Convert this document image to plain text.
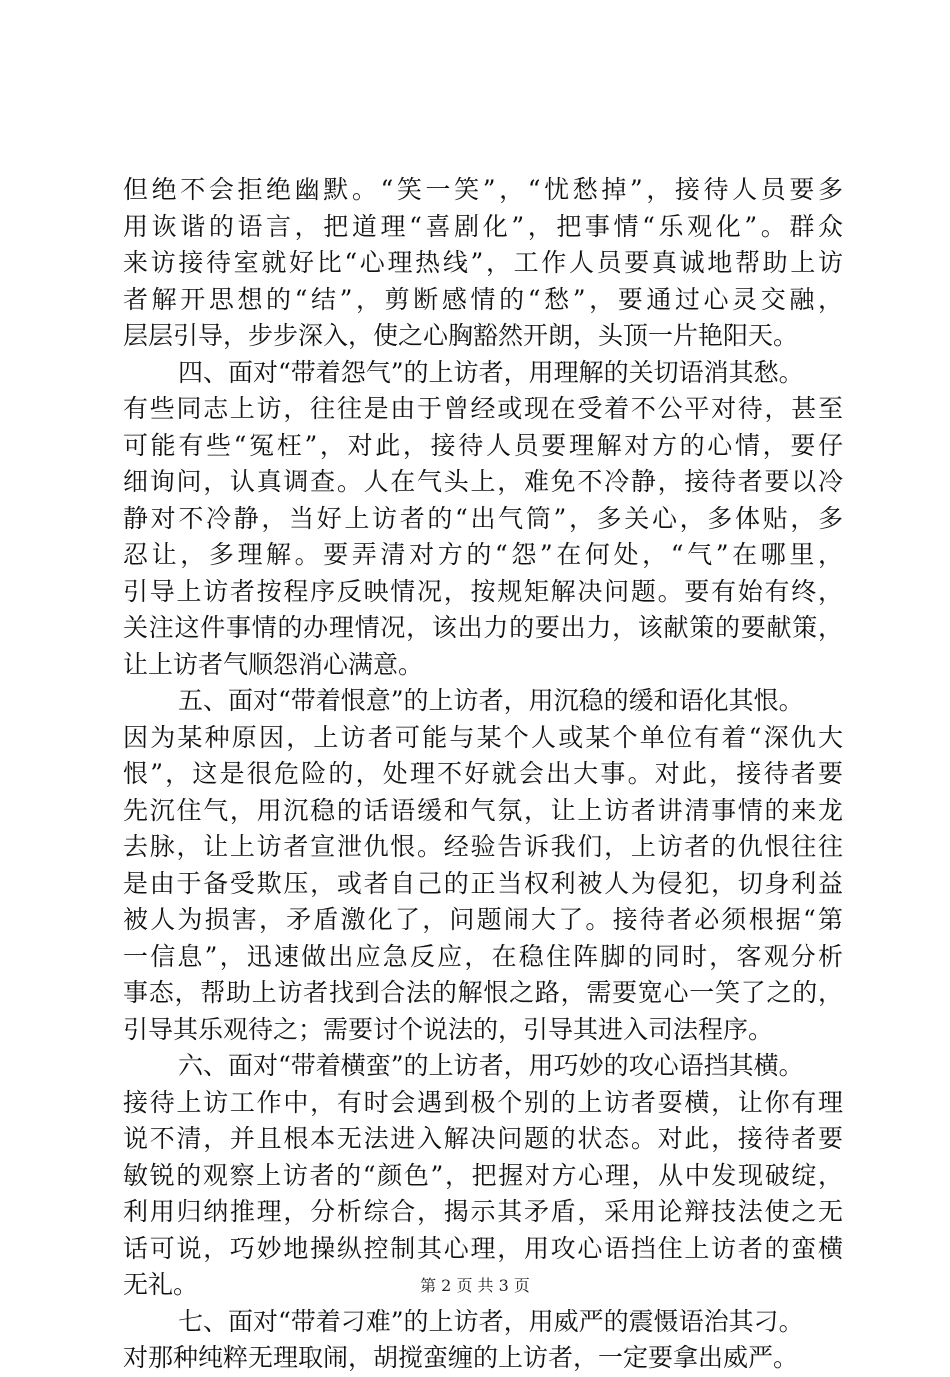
但绝不会拒绝幽默。“笑一笑”，“忧愁掉”，接待人员要多
用诙谐的语言，把道理“喜剧化”，把事情“乐观化”。群众
来访接待室就好比“心理热线”，工作人员要真诚地帮助上访
者解开思想的“结”，剪断感情的“愁”，要通过心灵交融，
层层引导，步步深入，使之心胸豁然开朗，头顶一片艳阳天。
四、面对“带着怨气”的上访者，用理解的关切语消其愁。
有些同志上访，往往是由于曾经或现在受着不公平对待，甚至
可能有些“冤枉”，对此，接待人员要理解对方的心情，要仔
细询问，认真调查。人在气头上，难免不冷静，接待者要以冷
静对不冷静，当好上访者的“出气筒”，多关心，多体贴，多
忍让，多理解。要弄清对方的“怨”在何处，“气”在哪里，
引导上访者按程序反映情况，按规矩解决问题。要有始有终，
关注这件事情的办理情况，该出力的要出力，该献策的要献策，
让上访者气顺怨消心满意。
五、面对“带着恨意”的上访者，用沉稳的缓和语化其恨。
因为某种原因，上访者可能与某个人或某个单位有着“深仇大
恨”，这是很危险的，处理不好就会出大事。对此，接待者要
先沉住气，用沉稳的话语缓和气氛，让上访者讲清事情的来龙
去脉，让上访者宣泄仇恨。经验告诉我们，上访者的仇恨往往
是由于备受欺压，或者自己的正当权利被人为侵犯，切身利益
被人为损害，矛盾激化了，问题闹大了。接待者必须根据“第
一信息”，迅速做出应急反应，在稳住阵脚的同时，客观分析
事态，帮助上访者找到合法的解恨之路，需要宽心一笑了之的，
引导其乐观待之；需要讨个说法的，引导其进入司法程序。
六、面对“带着横蛮”的上访者，用巧妙的攻心语挡其横。
接待上访工作中，有时会遇到极个别的上访者耍横，让你有理
说不清，并且根本无法进入解决问题的状态。对此，接待者要
敏锐的观察上访者的“颜色”，把握对方心理，从中发现破绽，
利用归纳推理，分析综合，揭示其矛盾，采用论辩技法使之无
话可说，巧妙地操纵控制其心理，用攻心语挡住上访者的蛮横
无礼。
七、面对“带着刁难”的上访者，用威严的震慑语治其刁。
对那种纯粹无理取闹，胡搅蛮缠的上访者，一定要拿出威严。
第 2 页 共 3 页
